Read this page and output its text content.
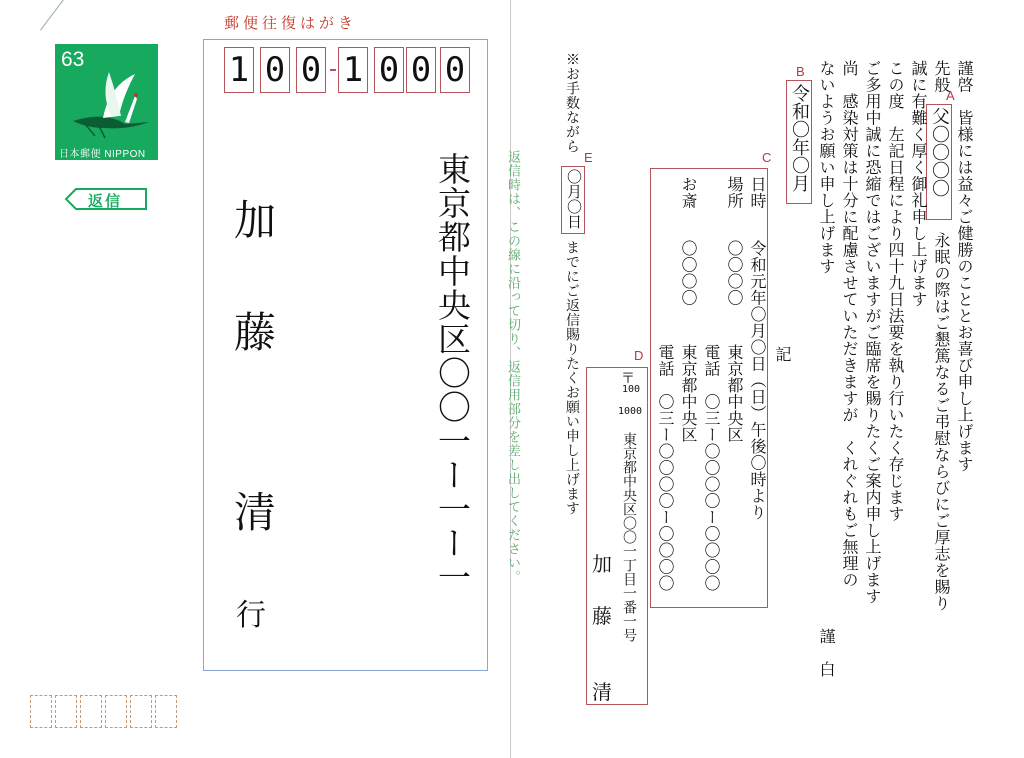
郵便往復はがき
63
日本郵便 NIPPON
返信
1 0 0 1 0 0 0
東京都中央区〇〇一ー一ー一
加
藤
清
行
返信時は、この線に沿って切り、返信用部分を差し出してください。	謹啓　皆様には益々ご健勝のこととお喜び申し上げます
先般
A
父〇〇〇〇
永眠の際はご懇篤なるご弔慰ならびにご厚志を賜り
誠に有難く厚く御礼申し上げます
この度　左記日程により四十九日法要を執り行いたく存じます
ご多用中誠に恐縮ではございますがご臨席を賜りたくご案内申し上げます
尚　感染対策は十分に配慮させていただきますが　くれぐれもご無理の
ないようお願い申し上げます
謹　白
B
令和〇年〇月
記
C
日時
令和元年〇月〇日（日）午後〇時より
場所
〇〇〇〇
東京都中央区
電話　〇三ー〇〇〇〇ー〇〇〇〇
お斎
〇〇〇〇
東京都中央区
電話　〇三ー〇〇〇〇ー〇〇〇〇
D
〒
100
1000
東京都中央区〇〇一丁目一番一号
加
藤
清
※お手数ながら
E
〇月〇日
までにご返信賜りたくお願い申し上げます
